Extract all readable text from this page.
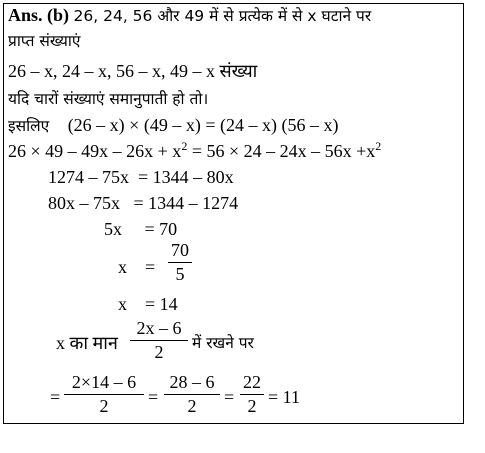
Ans. (b) 26, 24, 56 और 49 में से प्रत्येक में से x घटाने पर
प्राप्त संख्याएं
26 – x, 24 – x, 56 – x, 49 – x संख्या
यदि चारों संख्याएं समानुपाती हो तो।
इसलिए (26 – x) × (49 – x) = (24 – x) (56 – x)
$26 \times 49 - 49x - 26x + x^2 = 56 \times 24 - 24x - 56x +x^2$
1274 – 75x  = 1344 – 80x
80x – 75x   = 1344 – 1274
5x     = 70
x    =
70
5
x    = 14
x का मान
2x – 6
2	में रखने पर
=
2×14 – 6
2	=
28 – 6
2	=
22
2 = 11
